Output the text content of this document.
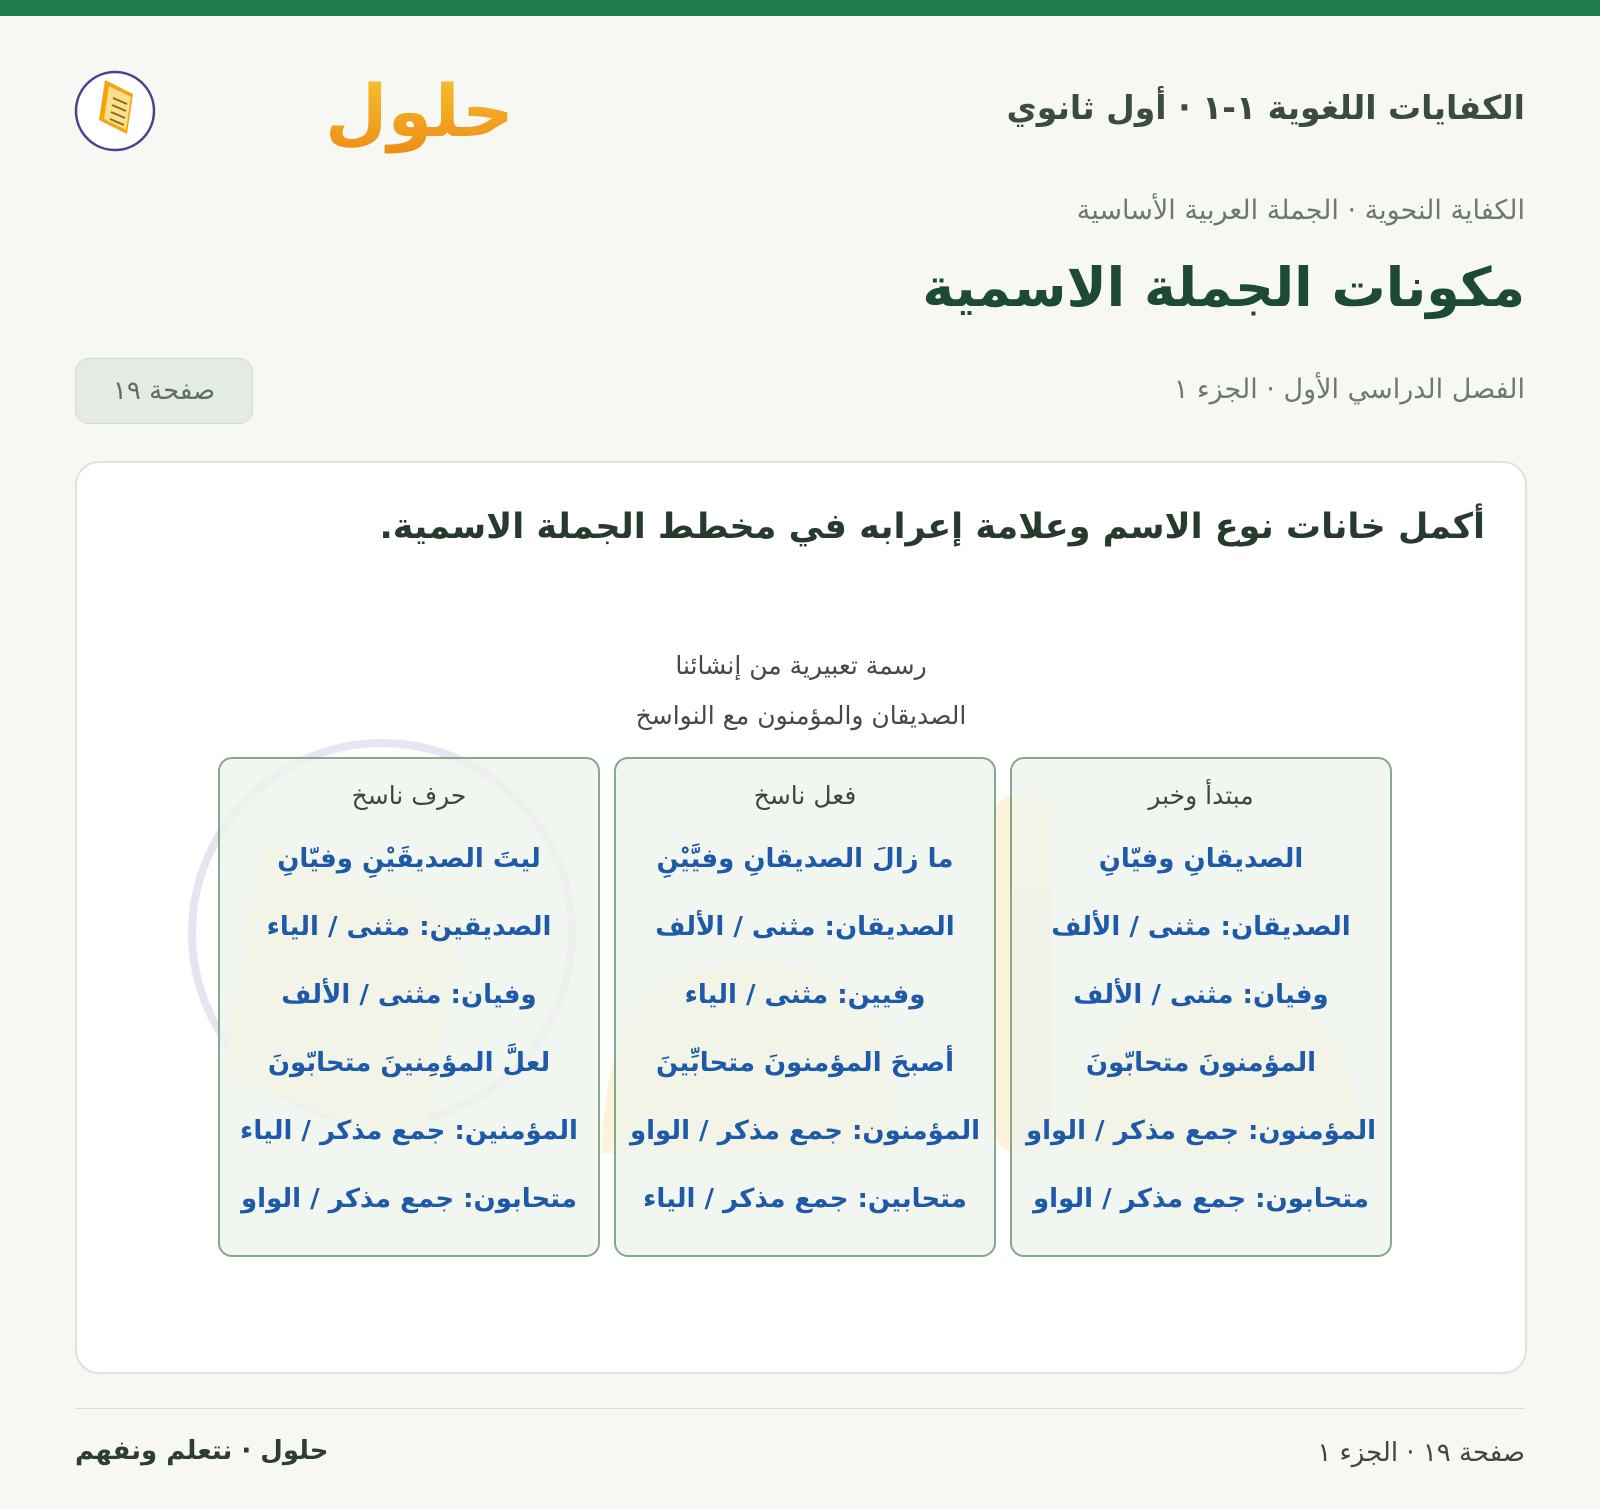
حلول	الكفايات اللغوية ١-١ · أول ثانوي
الكفاية النحوية · الجملة العربية الأساسية
مكونات الجملة الاسمية
الفصل الدراسي الأول · الجزء ١
صفحة ١٩
أكمل خانات نوع الاسم وعلامة إعرابه في مخطط الجملة الاسمية.
رسمة تعبيرية من إنشائنا
الصديقان والمؤمنون مع النواسخ
مبتدأ وخبر
الصديقانِ وفيّانِ
الصديقان: مثنى / الألف
وفيان: مثنى / الألف
المؤمنونَ متحابّونَ
المؤمنون: جمع مذكر / الواو
متحابون: جمع مذكر / الواو
فعل ناسخ
ما زالَ الصديقانِ وفيَّيْنِ
الصديقان: مثنى / الألف
وفيين: مثنى / الياء
أصبحَ المؤمنونَ متحابِّينَ
المؤمنون: جمع مذكر / الواو
متحابين: جمع مذكر / الياء
حرف ناسخ
ليتَ الصديقَيْنِ وفيّانِ
الصديقين: مثنى / الياء
وفيان: مثنى / الألف
لعلَّ المؤمِنينَ متحابّونَ
المؤمنين: جمع مذكر / الياء
متحابون: جمع مذكر / الواو
حلول · نتعلم ونفهم	صفحة ١٩ · الجزء ١
